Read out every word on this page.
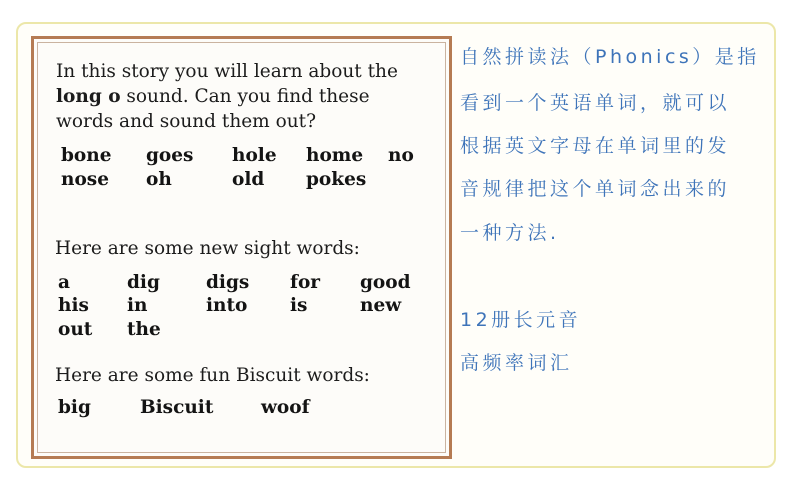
In this story you will learn about the long o sound. Can you find these words and sound them out?
bone goes hole home no
nose oh	old pokes
Here are some new sight words:
a	dig digs for good
his in	into is	new
out the
Here are some fun Biscuit words:
big	Biscuit	woof
自然拼读法（Phonics）是指
看到一个英语单词，就可以
根据英文字母在单词里的发
音规律把这个单词念出来的
一种方法.
12册长元音
高频率词汇
